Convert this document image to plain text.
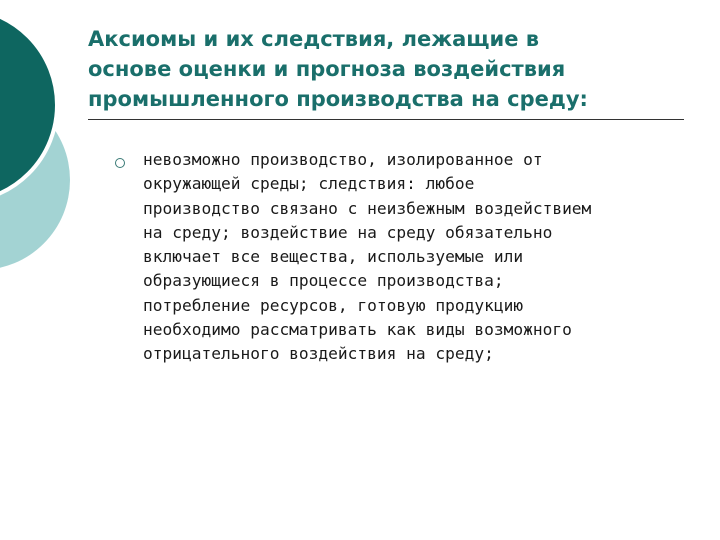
Аксиомы и их следствия, лежащие в
основе оценки и прогноза воздействия
промышленного производства на среду:

невозможно производство, изолированное от
окружающей среды; следствия: любое
производство связано с неизбежным воздействием
на среду; воздействие на среду обязательно
включает все вещества, используемые или
образующиеся в процессе производства;
потребление ресурсов, готовую продукцию
необходимо рассматривать как виды возможного
отрицательного воздействия на среду;
